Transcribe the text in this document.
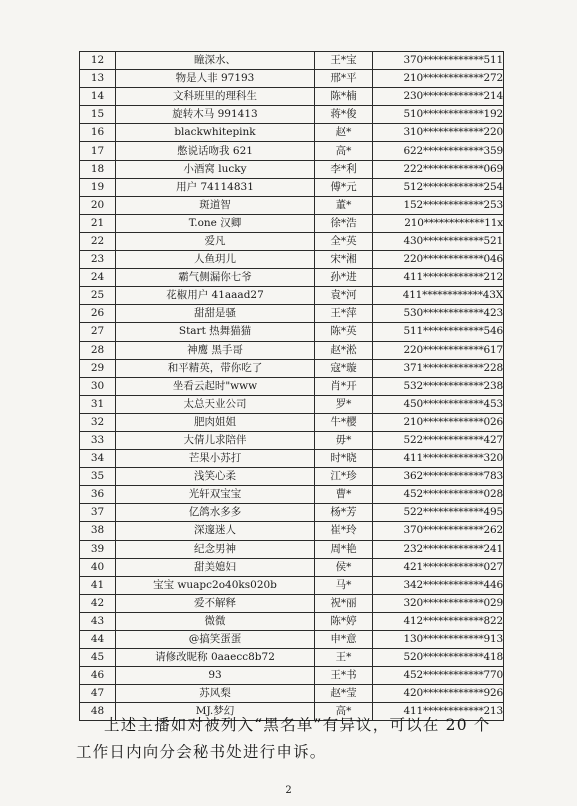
12	瞳深水、	王*宝	370************511
13	物是人非 97193	邢*平	210************272
14	文科班里的理科生	陈*楠	230************214
15	旋转木马 991413	蒋*俊	510************192
16	blackwhitepink	赵*	310************220
17	憋说话吻我 621	高*	622************359
18	小酒窝 lucky	李*利	222************069
19	用户 74114831	傅*元	512************254
20	斑道智	董*	152************253
21	T.one 汉卿	徐*浩	210************11x
22	爱凡	全*英	430************521
23	人鱼玥儿	宋*湘	220************046
24	霸气侧漏你七爷	孙*进	411************212
25	花椒用户 41aaad27	袁*河	411************43X
26	甜甜是骚	王*萍	530************423
27	Start 热舞猫猫	陈*英	511************546
28	神鹰 黑手哥	赵*淞	220************617
29	和平精英，带你吃了	寇*璇	371************228
30	坐看云起时"www	肖*开	532************238
31	太总天业公司	罗*	450************453
32	肥肉姐姐	牛*樱	210************026
33	大倩儿求陪伴	毋*	522************427
34	芒果小苏打	时*晓	411************320
35	浅笑心柔	江*珍	362************783
36	光轩双宝宝	曹*	452************028
37	亿鸽水多多	杨*芳	522************495
38	深邃迷人	崔*玲	370************262
39	纪念男神	周*艳	232************241
40	甜美媳妇	侯*	421************027
41	宝宝 wuapc2o40ks020b	马*	342************446
42	爱不解释	祝*丽	320************029
43	微微	陈*婷	412************822
44	@搞笑蛋蛋	申*意	130************913
45	请修改昵称 0aaecc8b72	王*	520************418
46	93	王*书	452************770
47	苏风梨	赵*莹	420************926
48	MJ.梦幻	高*	411************213
上述主播如对被列入“黑名单”有异议，可以在 20 个
工作日内向分会秘书处进行申诉。
2
